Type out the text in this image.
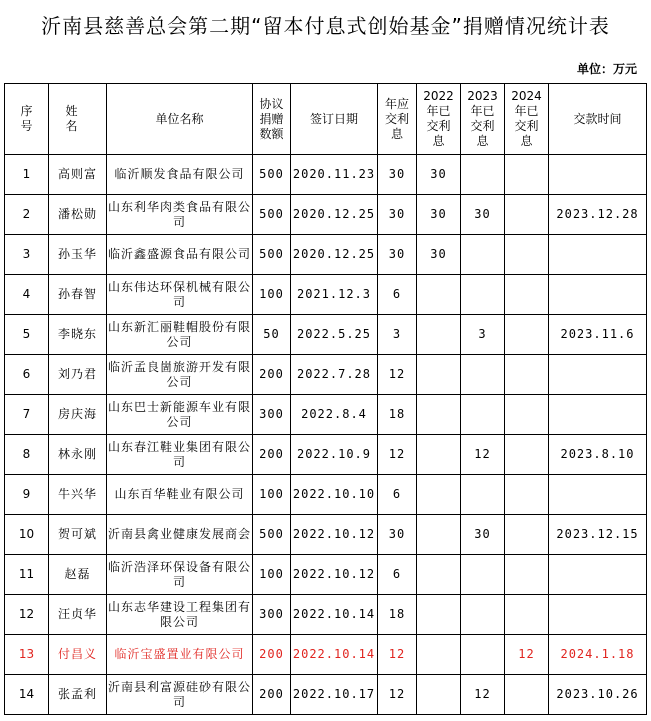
沂南县慈善总会第二期“留本付息式创始基金”捐赠情况统计表
单位：万元
序号	姓 名	单位名称	协议捐赠数额	签订日期	年应交利息	2022年已交利息	2023年已交利息	2024年已交利息	交款时间
1	高则富	临沂顺发食品有限公司	500	2020.11.23	30	30			
2	潘松勋	山东利华肉类食品有限公司	500	2020.12.25	30	30	30		2023.12.28
3	孙玉华	临沂鑫盛源食品有限公司	500	2020.12.25	30	30			
4	孙春智	山东伟达环保机械有限公司	100	2021.12.3	6				
5	李晓东	山东新汇丽鞋帽股份有限公司	50	2022.5.25	3		3		2023.11.6
6	刘乃君	临沂孟良崮旅游开发有限公司	200	2022.7.28	12				
7	房庆海	山东巴士新能源车业有限公司	300	2022.8.4	18				
8	林永刚	山东春江鞋业集团有限公司	200	2022.10.9	12		12		2023.8.10
9	牛兴华	山东百华鞋业有限公司	100	2022.10.10	6				
10	贺可斌	沂南县禽业健康发展商会	500	2022.10.12	30		30		2023.12.15
11	赵磊	临沂浩泽环保设备有限公司	100	2022.10.12	6				
12	汪贞华	山东志华建设工程集团有限公司	300	2022.10.14	18				
13	付昌义	临沂宝盛置业有限公司	200	2022.10.14	12			12	2024.1.18
14	张孟利	沂南县利富源硅砂有限公司	200	2022.10.17	12		12		2023.10.26
